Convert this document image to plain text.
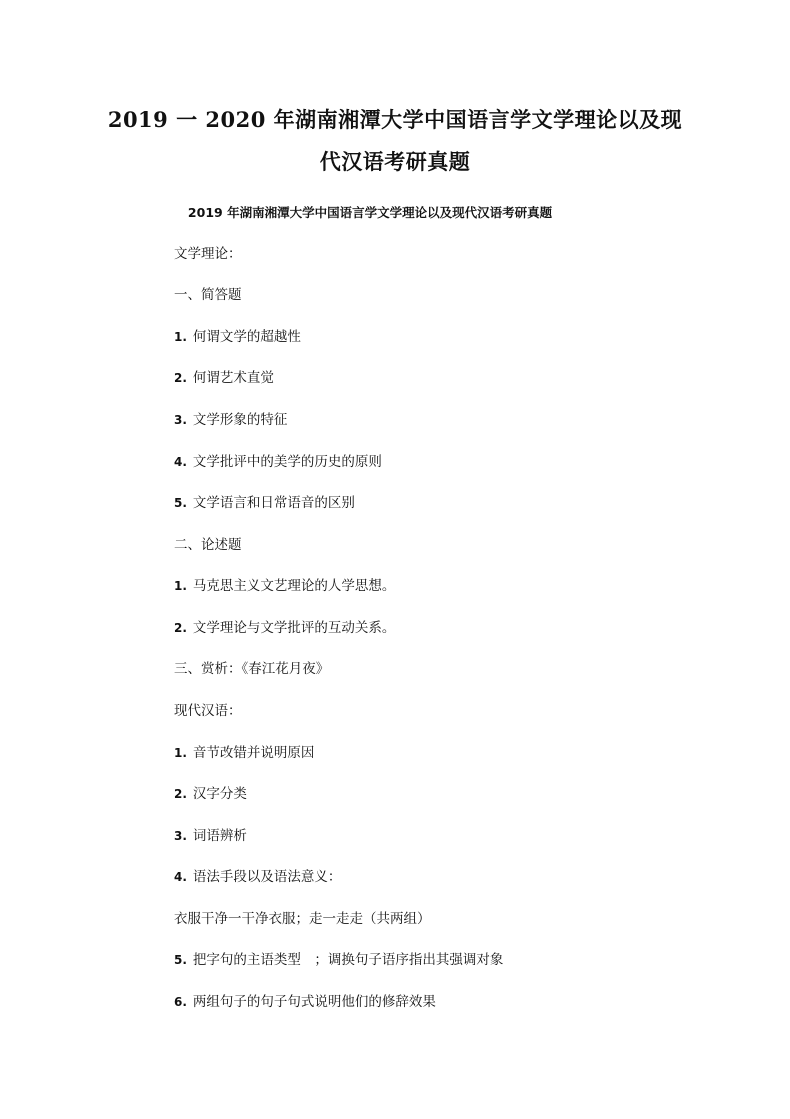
2019 一 2020 年湖南湘潭大学中国语言学文学理论以及现
代汉语考研真题
2019 年湖南湘潭大学中国语言学文学理论以及现代汉语考研真题
文学理论：
一、简答题
1. 何谓文学的超越性
2. 何谓艺术直觉
3. 文学形象的特征
4. 文学批评中的美学的历史的原则
5. 文学语言和日常语音的区别
二、论述题
1. 马克思主义文艺理论的人学思想。
2. 文学理论与文学批评的互动关系。
三、赏析：《春江花月夜》
现代汉语：
1. 音节改错并说明原因
2. 汉字分类
3. 词语辨析
4. 语法手段以及语法意义：
衣服干净一干净衣服；走一走走（共两组）
5. 把字句的主语类型　；调换句子语序指出其强调对象
6. 两组句子的句子句式说明他们的修辞效果
